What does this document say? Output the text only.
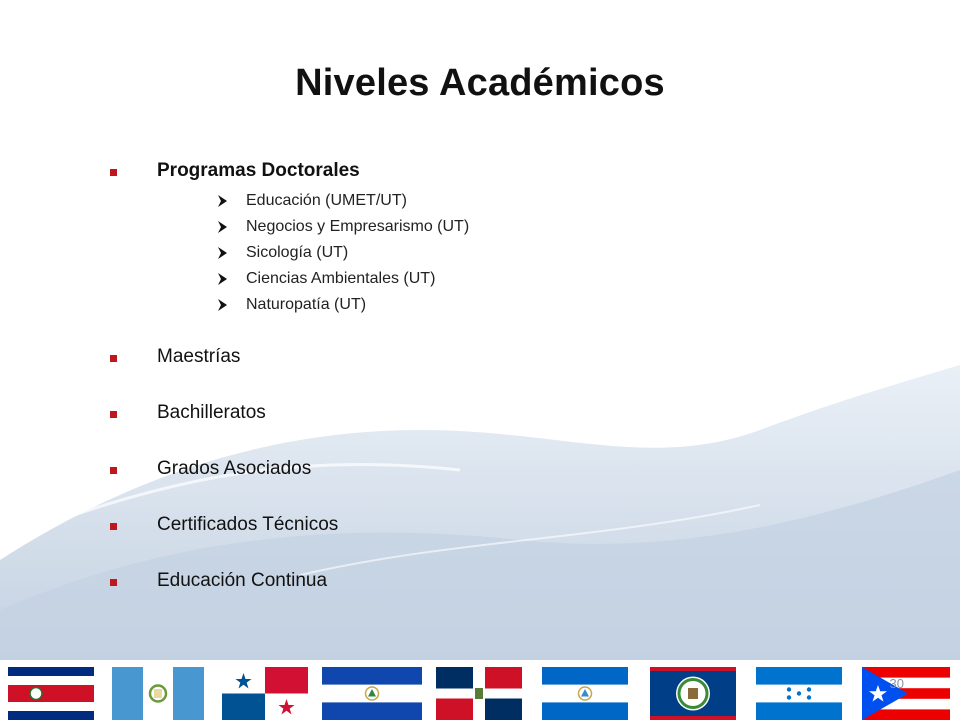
Niveles Académicos
Programas Doctorales
Educación (UMET/UT)
Negocios y Empresarismo (UT)
Sicología (UT)
Ciencias Ambientales (UT)
Naturopatía (UT)
Maestrías
Bachilleratos
Grados Asociados
Certificados Técnicos
Educación Continua
30
